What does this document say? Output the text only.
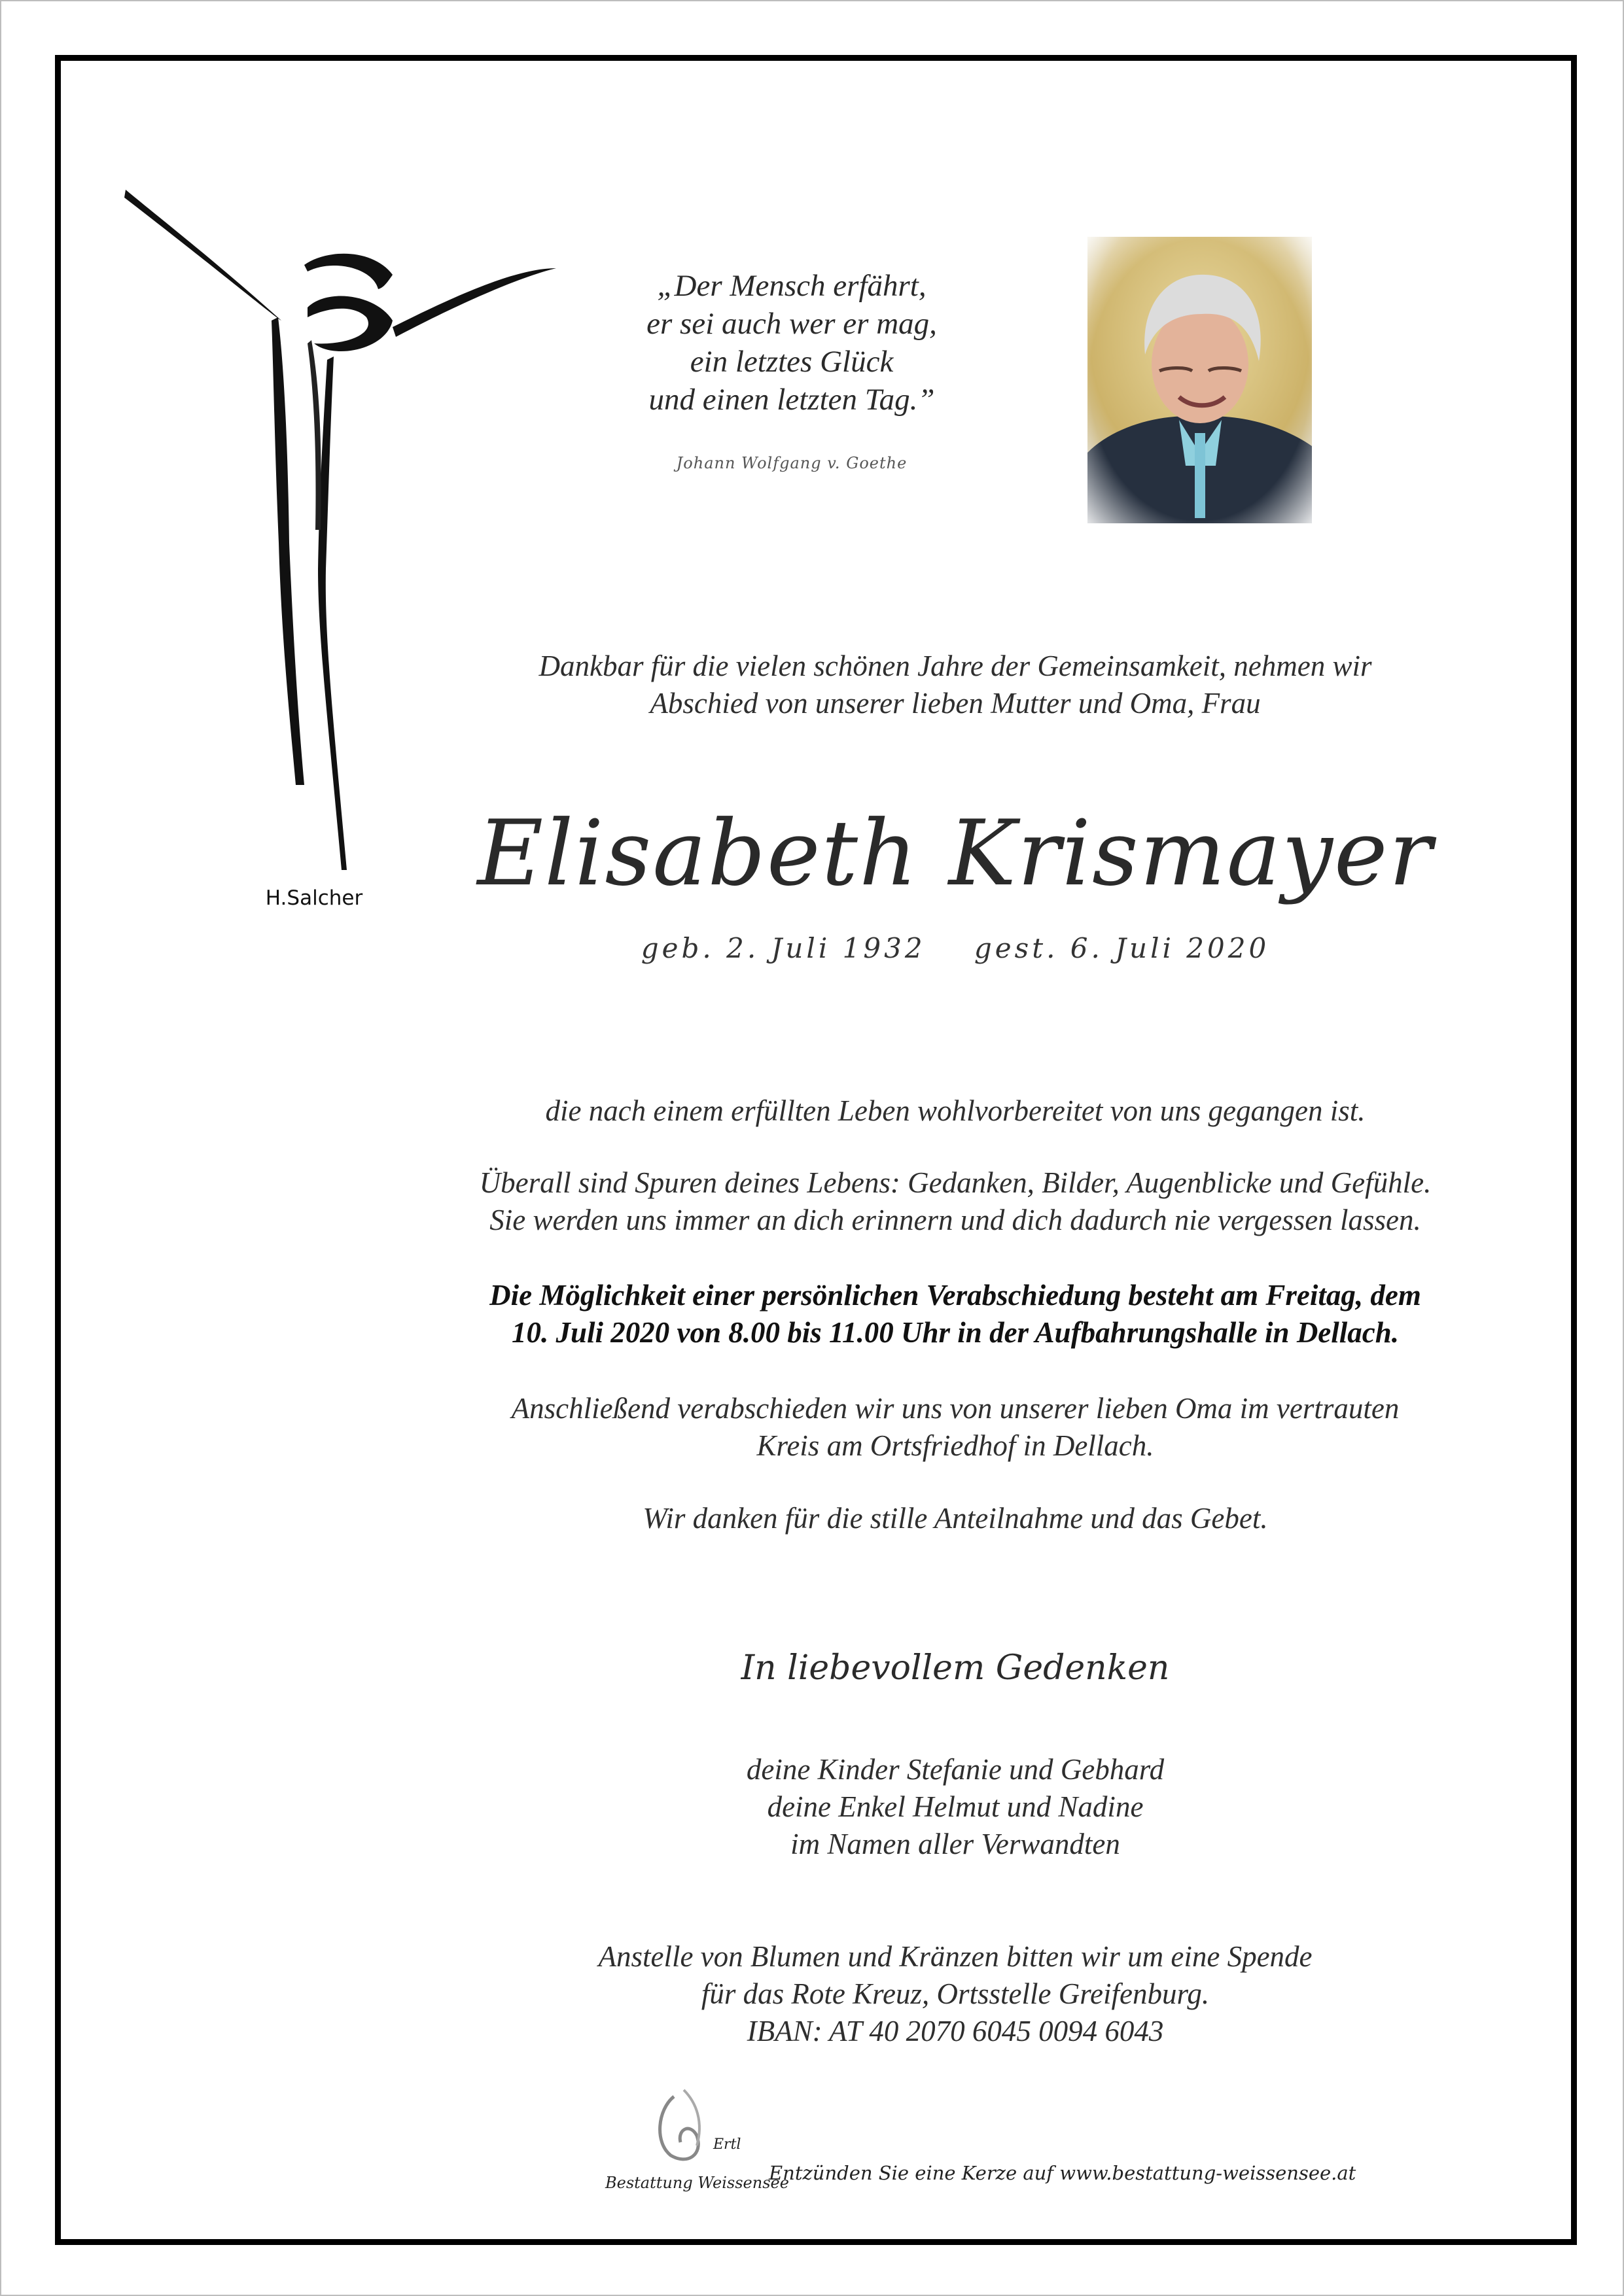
H.Salcher
„Der Mensch erfährt,
er sei auch wer er mag,
ein letztes Glück
und einen letzten Tag.”
Johann Wolfgang v. Goethe
Dankbar für die vielen schönen Jahre der Gemeinsamkeit, nehmen wir
Abschied von unserer lieben Mutter und Oma, Frau
Elisabeth Krismayer
geb. 2. Juli 1932 gest. 6. Juli 2020
die nach einem erfüllten Leben wohlvorbereitet von uns gegangen ist.
Überall sind Spuren deines Lebens: Gedanken, Bilder, Augenblicke und Gefühle.
Sie werden uns immer an dich erinnern und dich dadurch nie vergessen lassen.
Die Möglichkeit einer persönlichen Verabschiedung besteht am Freitag, dem
10. Juli 2020 von 8.00 bis 11.00 Uhr in der Aufbahrungshalle in Dellach.
Anschließend verabschieden wir uns von unserer lieben Oma im vertrauten
Kreis am Ortsfriedhof in Dellach.
Wir danken für die stille Anteilnahme und das Gebet.
In liebevollem Gedenken
deine Kinder Stefanie und Gebhard
deine Enkel Helmut und Nadine
im Namen aller Verwandten
Anstelle von Blumen und Kränzen bitten wir um eine Spende
für das Rote Kreuz, Ortsstelle Greifenburg.
IBAN: AT 40 2070 6045 0094 6043
Ertl
Bestattung Weissensee
Entzünden Sie eine Kerze auf www.bestattung-weissensee.at
